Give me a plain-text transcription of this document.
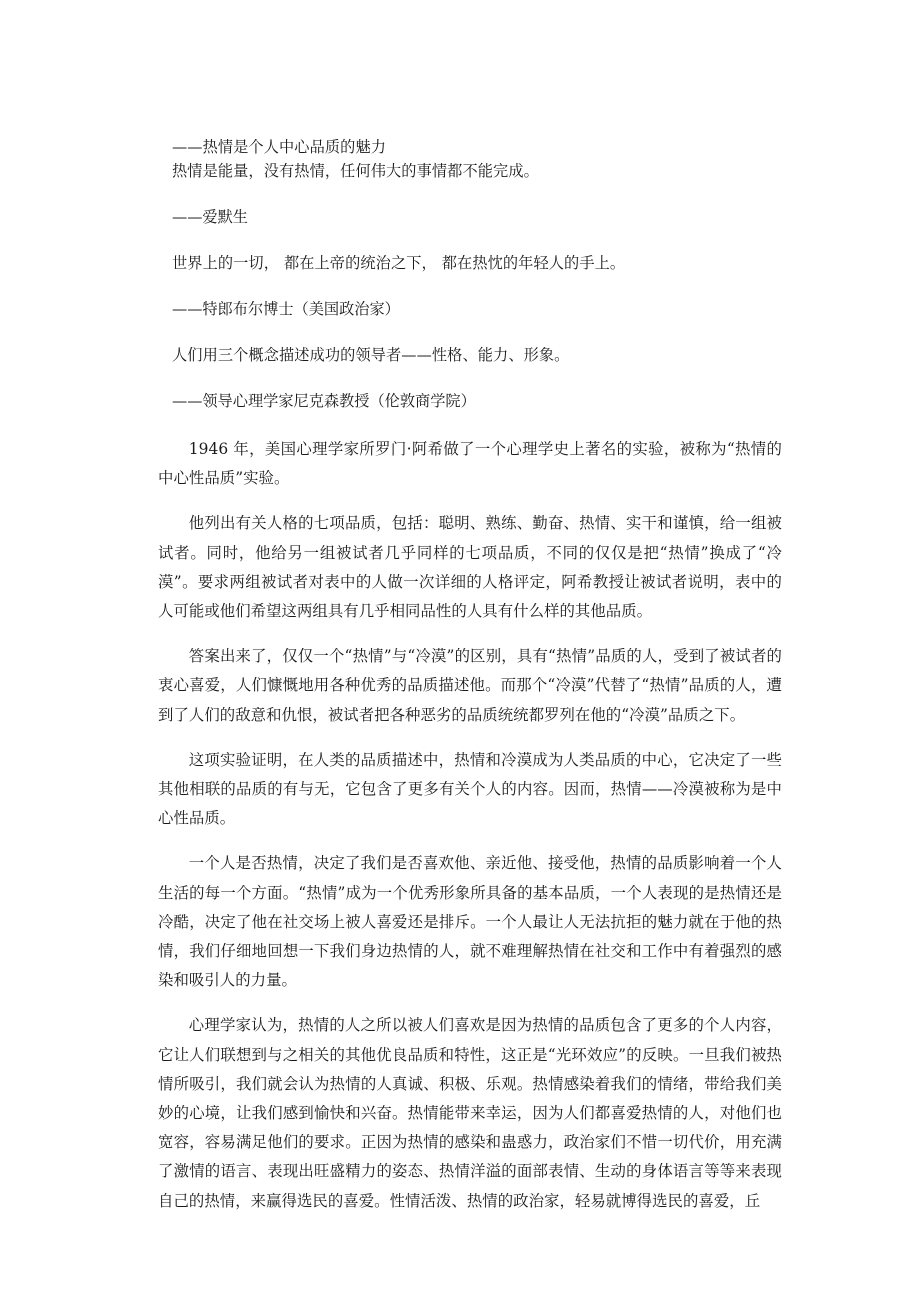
——热情是个人中心品质的魅力
热情是能量，没有热情，任何伟大的事情都不能完成。
——爱默生
世界上的一切， 都在上帝的统治之下， 都在热忱的年轻人的手上。
——特郎布尔博士（美国政治家）
人们用三个概念描述成功的领导者——性格、能力、形象。
——领导心理学家尼克森教授（伦敦商学院）

1946 年，美国心理学家所罗门·阿希做了一个心理学史上著名的实验，被称为“热情的中心性品质”实验。

他列出有关人格的七项品质，包括：聪明、熟练、勤奋、热情、实干和谨慎，给一组被试者。同时，他给另一组被试者几乎同样的七项品质，不同的仅仅是把“热情”换成了“冷漠”。要求两组被试者对表中的人做一次详细的人格评定，阿希教授让被试者说明，表中的人可能或他们希望这两组具有几乎相同品性的人具有什么样的其他品质。

答案出来了，仅仅一个“热情”与“冷漠”的区别，具有“热情”品质的人，受到了被试者的衷心喜爱，人们慷慨地用各种优秀的品质描述他。而那个“冷漠”代替了“热情”品质的人，遭到了人们的敌意和仇恨，被试者把各种恶劣的品质统统都罗列在他的“冷漠”品质之下。

这项实验证明，在人类的品质描述中，热情和冷漠成为人类品质的中心，它决定了一些其他相联的品质的有与无，它包含了更多有关个人的内容。因而，热情——冷漠被称为是中心性品质。

一个人是否热情，决定了我们是否喜欢他、亲近他、接受他，热情的品质影响着一个人生活的每一个方面。“热情”成为一个优秀形象所具备的基本品质，一个人表现的是热情还是冷酷，决定了他在社交场上被人喜爱还是排斥。一个人最让人无法抗拒的魅力就在于他的热情，我们仔细地回想一下我们身边热情的人，就不难理解热情在社交和工作中有着强烈的感染和吸引人的力量。

心理学家认为，热情的人之所以被人们喜欢是因为热情的品质包含了更多的个人内容，它让人们联想到与之相关的其他优良品质和特性，这正是“光环效应”的反映。一旦我们被热情所吸引，我们就会认为热情的人真诚、积极、乐观。热情感染着我们的情绪，带给我们美妙的心境，让我们感到愉快和兴奋。热情能带来幸运，因为人们都喜爱热情的人，对他们也宽容，容易满足他们的要求。正因为热情的感染和蛊惑力，政治家们不惜一切代价，用充满了激情的语言、表现出旺盛精力的姿态、热情洋溢的面部表情、生动的身体语言等等来表现自己的热情，来赢得选民的喜爱。性情活泼、热情的政治家，轻易就博得选民的喜爱，丘
